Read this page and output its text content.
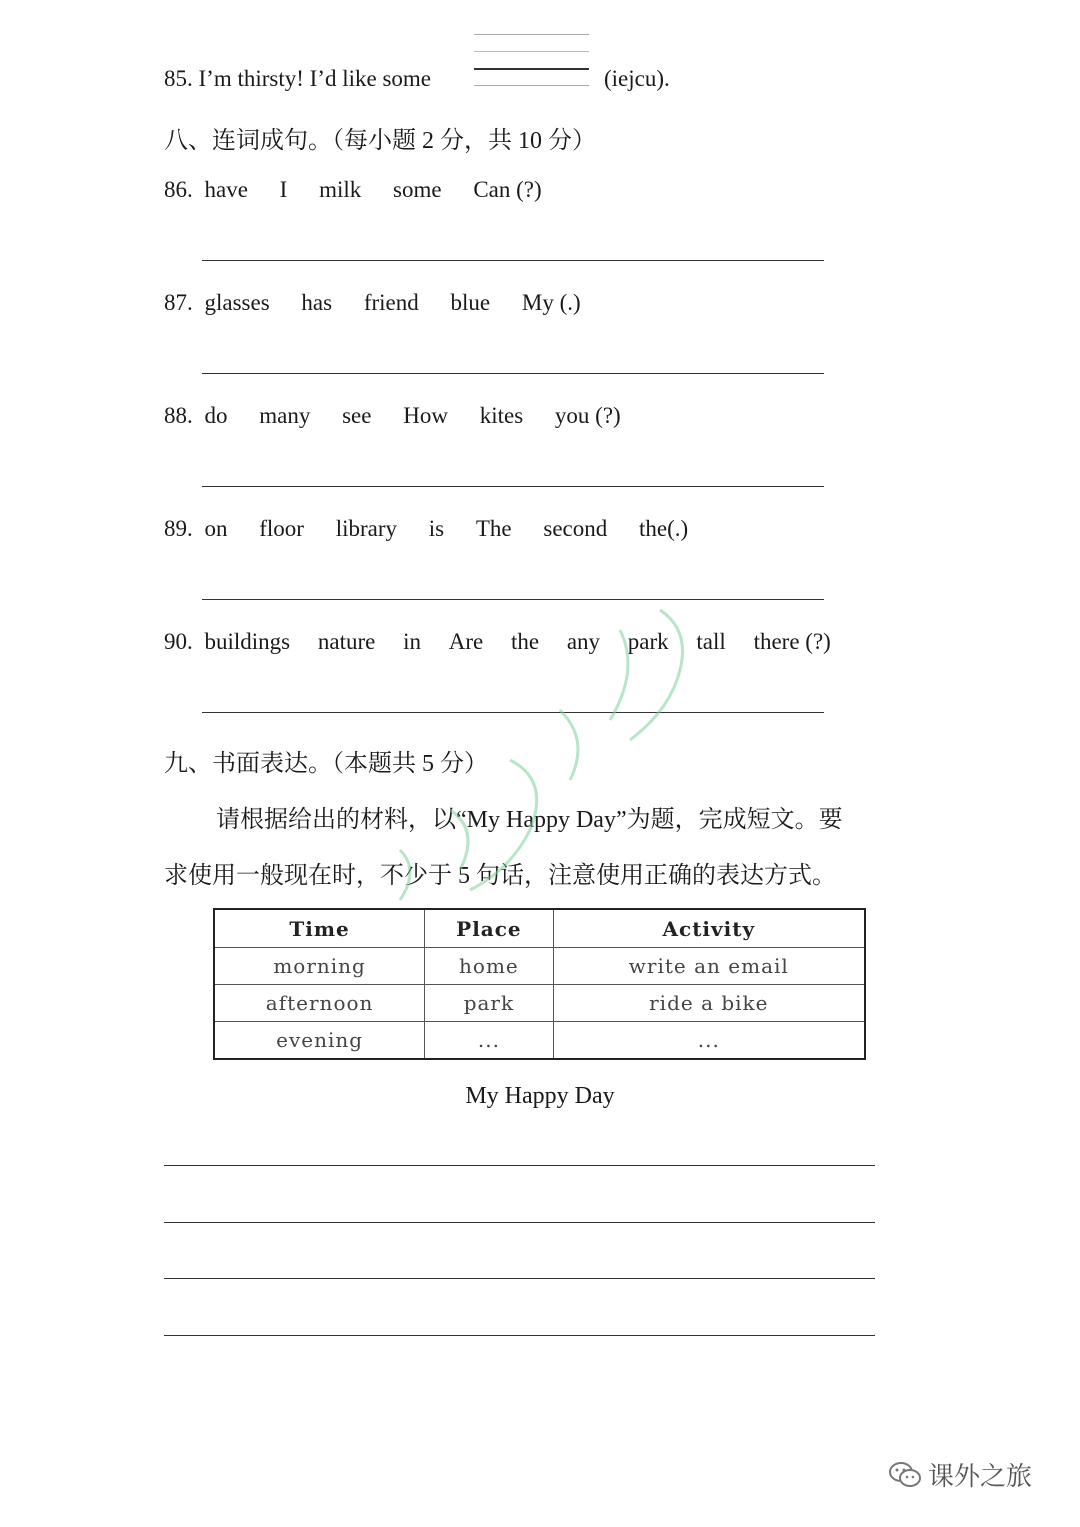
85. I’m thirsty! I’d like some	(iejcu).
八、连词成句。（每小题 2 分，共 10 分）
86. have I milk some Can (?)
87. glasses has friend blue My (.)
88. do many see How kites you (?)
89. on floor library is The second the(.)
90. buildings nature in Are the any park tall there (?)
九、书面表达。（本题共 5 分）
请根据给出的材料，以“My Happy Day”为题，完成短文。要
求使用一般现在时，不少于 5 句话，注意使用正确的表达方式。
Time	Place	Activity
morning	home	write an email
afternoon	park	ride a bike
evening	...	...
My Happy Day
课外之旅
